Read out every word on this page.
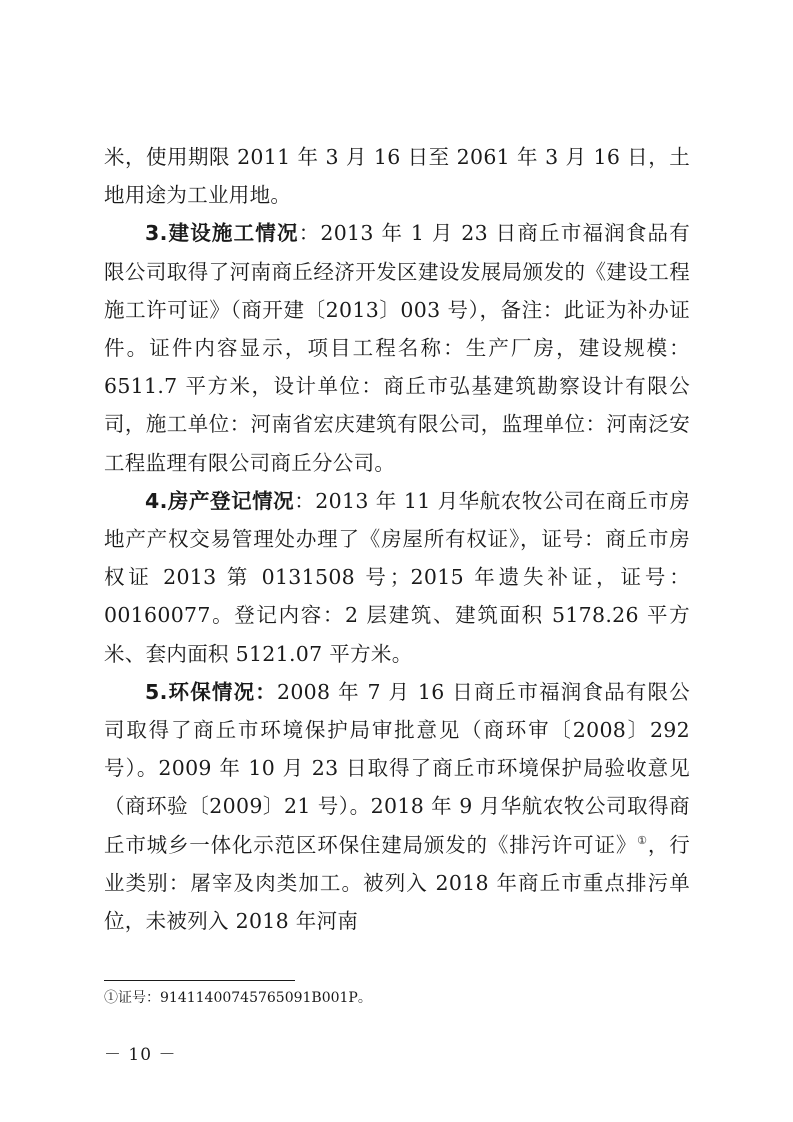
米，使用期限 2011 年 3 月 16 日至 2061 年 3 月 16 日，土地用途为工业用地。

3.建设施工情况：2013 年 1 月 23 日商丘市福润食品有限公司取得了河南商丘经济开发区建设发展局颁发的《建设工程施工许可证》（商开建〔2013〕003 号），备注：此证为补办证件。证件内容显示，项目工程名称：生产厂房，建设规模：6511.7 平方米，设计单位：商丘市弘基建筑勘察设计有限公司，施工单位：河南省宏庆建筑有限公司，监理单位：河南泛安工程监理有限公司商丘分公司。

4.房产登记情况：2013 年 11 月华航农牧公司在商丘市房地产产权交易管理处办理了《房屋所有权证》，证号：商丘市房权证 2013 第 0131508 号；2015 年遗失补证，证号：00160077。登记内容：2 层建筑、建筑面积 5178.26 平方米、套内面积 5121.07 平方米。

5.环保情况：2008 年 7 月 16 日商丘市福润食品有限公司取得了商丘市环境保护局审批意见（商环审〔2008〕292 号）。2009 年 10 月 23 日取得了商丘市环境保护局验收意见（商环验〔2009〕21 号）。2018 年 9 月华航农牧公司取得商丘市城乡一体化示范区环保住建局颁发的《排污许可证》①，行业类别：屠宰及肉类加工。被列入 2018 年商丘市重点排污单位，未被列入 2018 年河南

①证号：91411400745765091B001P。
－ 10 －
